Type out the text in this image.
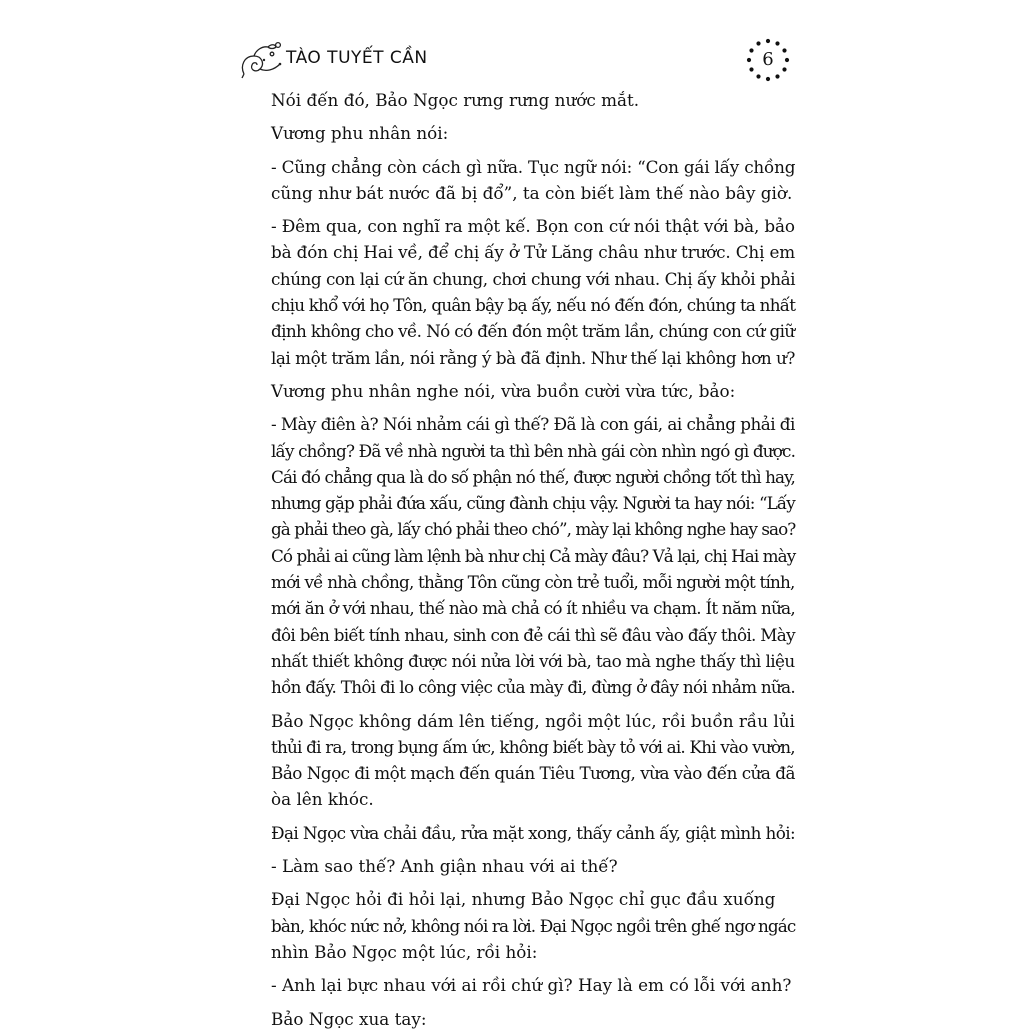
TÀO TUYẾT CẦN	6
Nói đến đó, Bảo Ngọc rưng rưng nước mắt.
Vương phu nhân nói:
- Cũng chẳng còn cách gì nữa. Tục ngữ nói: “Con gái lấy chồng
cũng như bát nước đã bị đổ”, ta còn biết làm thế nào bây giờ.
- Đêm qua, con nghĩ ra một kế. Bọn con cứ nói thật với bà, bảo
bà đón chị Hai về, để chị ấy ở Tử Lăng châu như trước. Chị em
chúng con lại cứ ăn chung, chơi chung với nhau. Chị ấy khỏi phải
chịu khổ với họ Tôn, quân bậy bạ ấy, nếu nó đến đón, chúng ta nhất
định không cho về. Nó có đến đón một trăm lần, chúng con cứ giữ
lại một trăm lần, nói rằng ý bà đã định. Như thế lại không hơn ư?
Vương phu nhân nghe nói, vừa buồn cười vừa tức, bảo:
- Mày điên à? Nói nhảm cái gì thế? Đã là con gái, ai chẳng phải đi
lấy chồng? Đã về nhà người ta thì bên nhà gái còn nhìn ngó gì được.
Cái đó chẳng qua là do số phận nó thế, được người chồng tốt thì hay,
nhưng gặp phải đứa xấu, cũng đành chịu vậy. Người ta hay nói: “Lấy
gà phải theo gà, lấy chó phải theo chó”, mày lại không nghe hay sao?
Có phải ai cũng làm lệnh bà như chị Cả mày đâu? Vả lại, chị Hai mày
mới về nhà chồng, thằng Tôn cũng còn trẻ tuổi, mỗi người một tính,
mới ăn ở với nhau, thế nào mà chả có ít nhiều va chạm. Ít năm nữa,
đôi bên biết tính nhau, sinh con đẻ cái thì sẽ đâu vào đấy thôi. Mày
nhất thiết không được nói nửa lời với bà, tao mà nghe thấy thì liệu
hồn đấy. Thôi đi lo công việc của mày đi, đừng ở đây nói nhảm nữa.
Bảo Ngọc không dám lên tiếng, ngồi một lúc, rồi buồn rầu lủi
thủi đi ra, trong bụng ấm ức, không biết bày tỏ với ai. Khi vào vườn,
Bảo Ngọc đi một mạch đến quán Tiêu Tương, vừa vào đến cửa đã
òa lên khóc.
Đại Ngọc vừa chải đầu, rửa mặt xong, thấy cảnh ấy, giật mình hỏi:
- Làm sao thế? Anh giận nhau với ai thế?
Đại Ngọc hỏi đi hỏi lại, nhưng Bảo Ngọc chỉ gục đầu xuống
bàn, khóc nức nở, không nói ra lời. Đại Ngọc ngồi trên ghế ngơ ngác
nhìn Bảo Ngọc một lúc, rồi hỏi:
- Anh lại bực nhau với ai rồi chứ gì? Hay là em có lỗi với anh?
Bảo Ngọc xua tay:
